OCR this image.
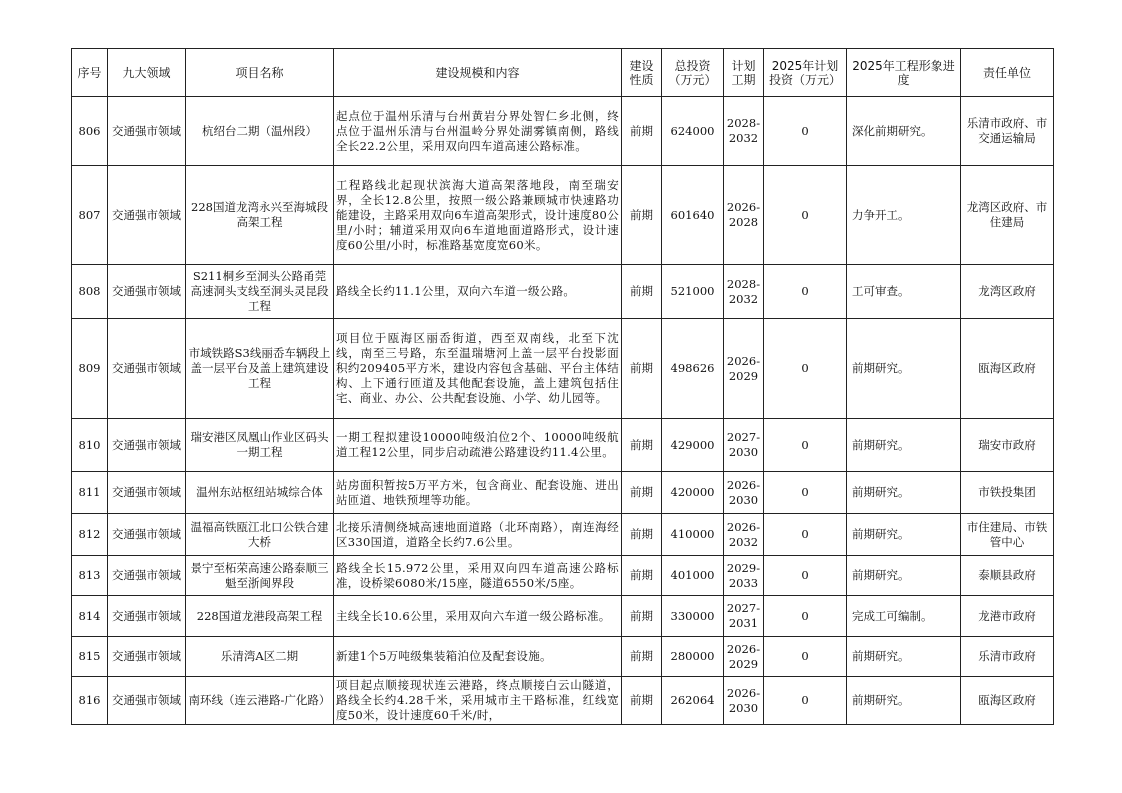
序号	九大领域	项目名称	建设规模和内容	建设性质	总投资（万元）	计划工期	2025年计划投资（万元）	2025年工程形象进度	责任单位

806	交通强市领域	杭绍台二期（温州段）	起点位于温州乐清与台州黄岩分界处智仁乡北侧，终点位于温州乐清与台州温岭分界处湖雾镇南侧，路线全长22.2公里，采用双向四车道高速公路标准。	前期	624000	2028-2032	0	深化前期研究。	乐清市政府、市交通运输局

807	交通强市领域	228国道龙湾永兴至海城段高架工程	工程路线北起现状滨海大道高架落地段，南至瑞安界，全长12.8公里，按照一级公路兼顾城市快速路功能建设，主路采用双向6车道高架形式，设计速度80公里/小时；辅道采用双向6车道地面道路形式，设计速度60公里/小时，标准路基宽度宽60米。	前期	601640	2026-2028	0	力争开工。	龙湾区政府、市住建局

808	交通强市领域	S211桐乡至洞头公路甬莞高速洞头支线至洞头灵昆段工程	路线全长约11.1公里，双向六车道一级公路。	前期	521000	2028-2032	0	工可审查。	龙湾区政府

809	交通强市领域	市域铁路S3线丽岙车辆段上盖一层平台及盖上建筑建设工程	项目位于瓯海区丽岙街道，西至双南线，北至下沈线，南至三号路，东至温瑞塘河上盖一层平台投影面积约209405平方米，建设内容包含基础、平台主体结构、上下通行匝道及其他配套设施，盖上建筑包括住宅、商业、办公、公共配套设施、小学、幼儿园等。	前期	498626	2026-2029	0	前期研究。	瓯海区政府

810	交通强市领域	瑞安港区凤凰山作业区码头一期工程	一期工程拟建设10000吨级泊位2个、10000吨级航道工程12公里，同步启动疏港公路建设约11.4公里。	前期	429000	2027-2030	0	前期研究。	瑞安市政府

811	交通强市领域	温州东站枢纽站城综合体	站房面积暂按5万平方米，包含商业、配套设施、进出站匝道、地铁预埋等功能。	前期	420000	2026-2030	0	前期研究。	市铁投集团

812	交通强市领域	温福高铁瓯江北口公铁合建大桥	北接乐清侧绕城高速地面道路（北环南路），南连海经区330国道，道路全长约7.6公里。	前期	410000	2026-2032	0	前期研究。	市住建局、市铁管中心

813	交通强市领域	景宁至柘荣高速公路泰顺三魁至浙闽界段	路线全长15.972公里，采用双向四车道高速公路标准，设桥梁6080米/15座，隧道6550米/5座。	前期	401000	2029-2033	0	前期研究。	泰顺县政府

814	交通强市领域	228国道龙港段高架工程	主线全长10.6公里，采用双向六车道一级公路标准。	前期	330000	2027-2031	0	完成工可编制。	龙港市政府

815	交通强市领域	乐清湾A区二期	新建1个5万吨级集装箱泊位及配套设施。	前期	280000	2026-2029	0	前期研究。	乐清市政府

816	交通强市领域	南环线（连云港路-广化路）	项目起点顺接现状连云港路，终点顺接白云山隧道，路线全长约4.28千米，采用城市主干路标准，红线宽度50米，设计速度60千米/时，	前期	262064	2026-2030	0	前期研究。	瓯海区政府
